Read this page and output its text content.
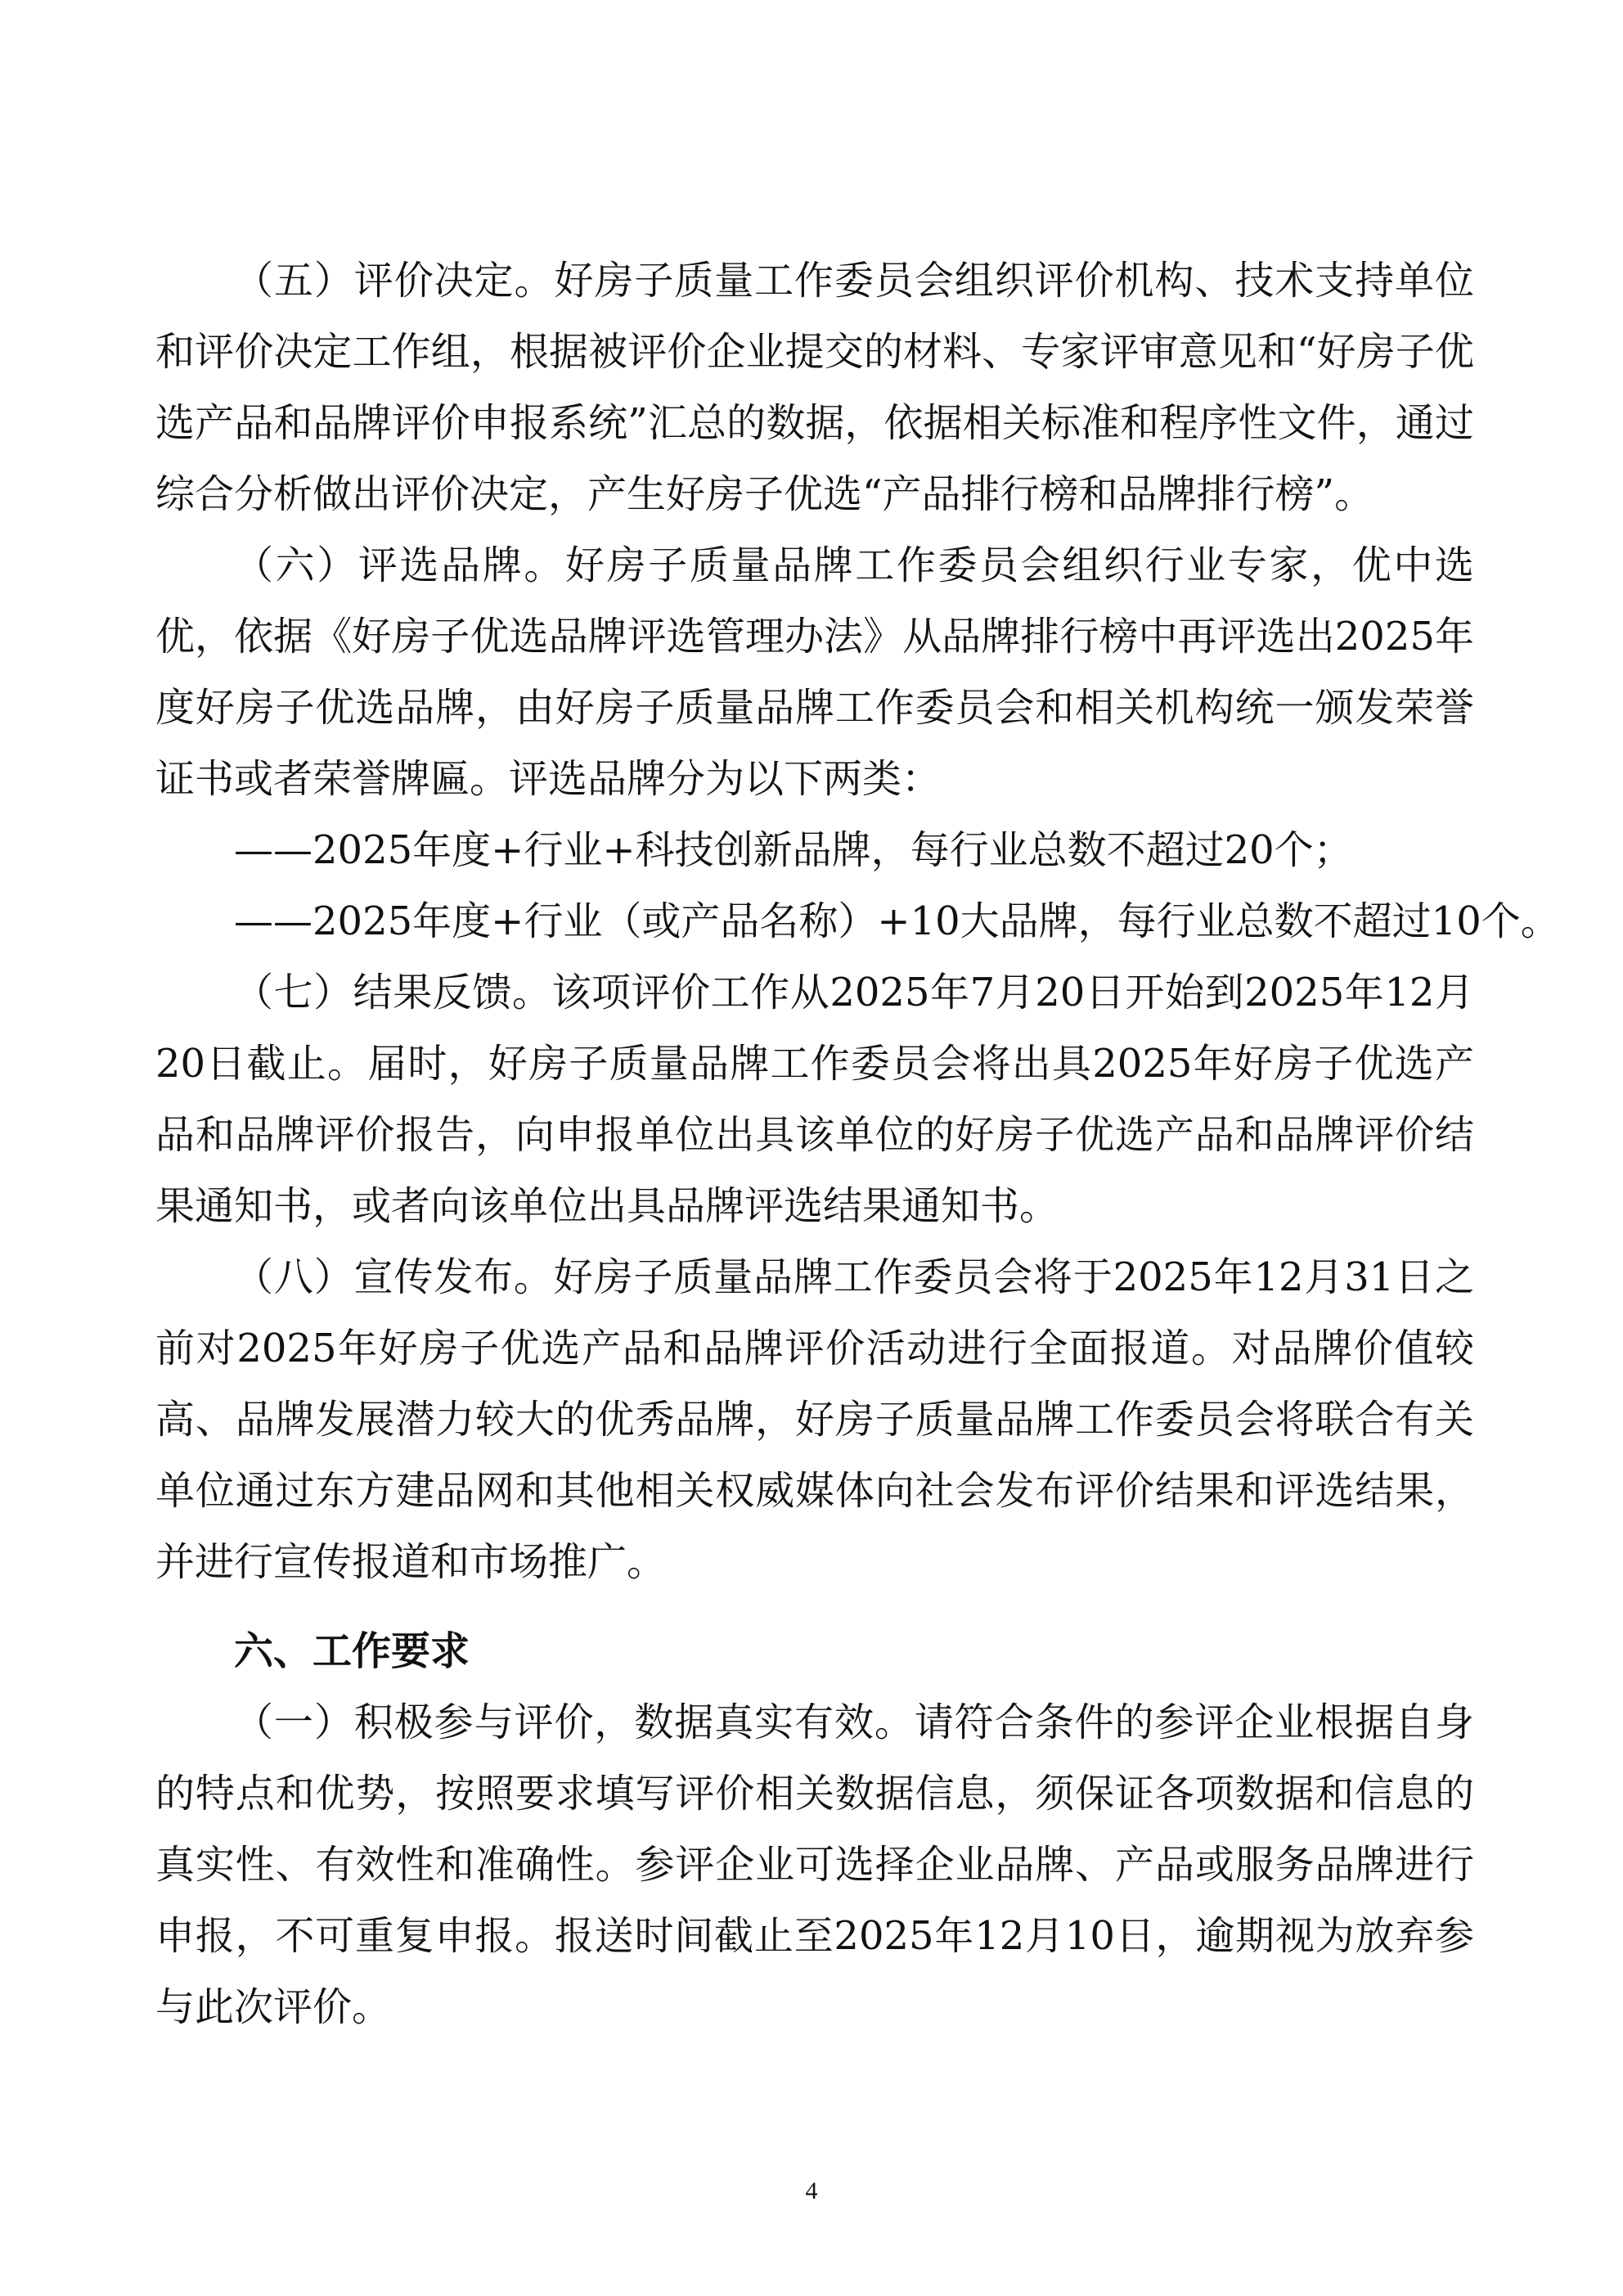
（五）评价决定。好房子质量工作委员会组织评价机构、技术支持单位和评价决定工作组，根据被评价企业提交的材料、专家评审意见和“好房子优选产品和品牌评价申报系统”汇总的数据，依据相关标准和程序性文件，通过综合分析做出评价决定，产生好房子优选“产品排行榜和品牌排行榜”。

（六）评选品牌。好房子质量品牌工作委员会组织行业专家，优中选优，依据《好房子优选品牌评选管理办法》从品牌排行榜中再评选出2025年度好房子优选品牌，由好房子质量品牌工作委员会和相关机构统一颁发荣誉证书或者荣誉牌匾。评选品牌分为以下两类：

——2025年度+行业+科技创新品牌，每行业总数不超过20个；

——2025年度+行业（或产品名称）+10大品牌，每行业总数不超过10个。

（七）结果反馈。该项评价工作从2025年7月20日开始到2025年12月20日截止。届时，好房子质量品牌工作委员会将出具2025年好房子优选产品和品牌评价报告，向申报单位出具该单位的好房子优选产品和品牌评价结果通知书，或者向该单位出具品牌评选结果通知书。

（八）宣传发布。好房子质量品牌工作委员会将于2025年12月31日之前对2025年好房子优选产品和品牌评价活动进行全面报道。对品牌价值较高、品牌发展潜力较大的优秀品牌，好房子质量品牌工作委员会将联合有关单位通过东方建品网和其他相关权威媒体向社会发布评价结果和评选结果，并进行宣传报道和市场推广。

六、工作要求

（一）积极参与评价，数据真实有效。请符合条件的参评企业根据自身的特点和优势，按照要求填写评价相关数据信息，须保证各项数据和信息的真实性、有效性和准确性。参评企业可选择企业品牌、产品或服务品牌进行申报，不可重复申报。报送时间截止至2025年12月10日，逾期视为放弃参与此次评价。

4
